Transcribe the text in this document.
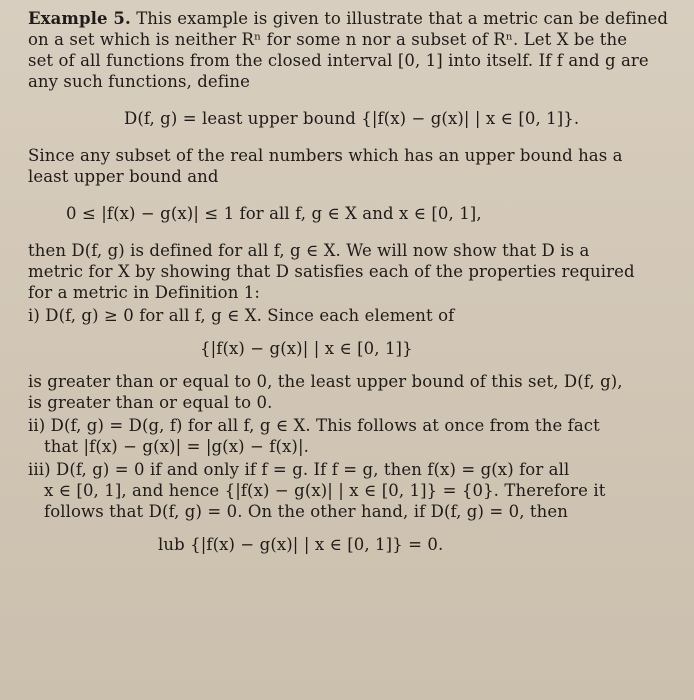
Example 5. This example is given to illustrate that a metric can be defined

on a set which is neither Rⁿ for some n nor a subset of Rⁿ. Let X be the

set of all functions from the closed interval [0, 1] into itself. If f and g are

any such functions, define

D(f, g) = least upper bound {|f(x) − g(x)| | x ∈ [0, 1]}.

Since any subset of the real numbers which has an upper bound has a

least upper bound and

0 ≤ |f(x) − g(x)| ≤ 1 for all f, g ∈ X and x ∈ [0, 1],

then D(f, g) is defined for all f, g ∈ X. We will now show that D is a

metric for X by showing that D satisfies each of the properties required

for a metric in Definition 1:

i) D(f, g) ≥ 0 for all f, g ∈ X. Since each element of

{|f(x) − g(x)| | x ∈ [0, 1]}

is greater than or equal to 0, the least upper bound of this set, D(f, g),

is greater than or equal to 0.

ii) D(f, g) = D(g, f) for all f, g ∈ X. This follows at once from the fact

that |f(x) − g(x)| = |g(x) − f(x)|.

iii) D(f, g) = 0 if and only if f = g. If f = g, then f(x) = g(x) for all

x ∈ [0, 1], and hence {|f(x) − g(x)| | x ∈ [0, 1]} = {0}. Therefore it

follows that D(f, g) = 0. On the other hand, if D(f, g) = 0, then

lub {|f(x) − g(x)| | x ∈ [0, 1]} = 0.
